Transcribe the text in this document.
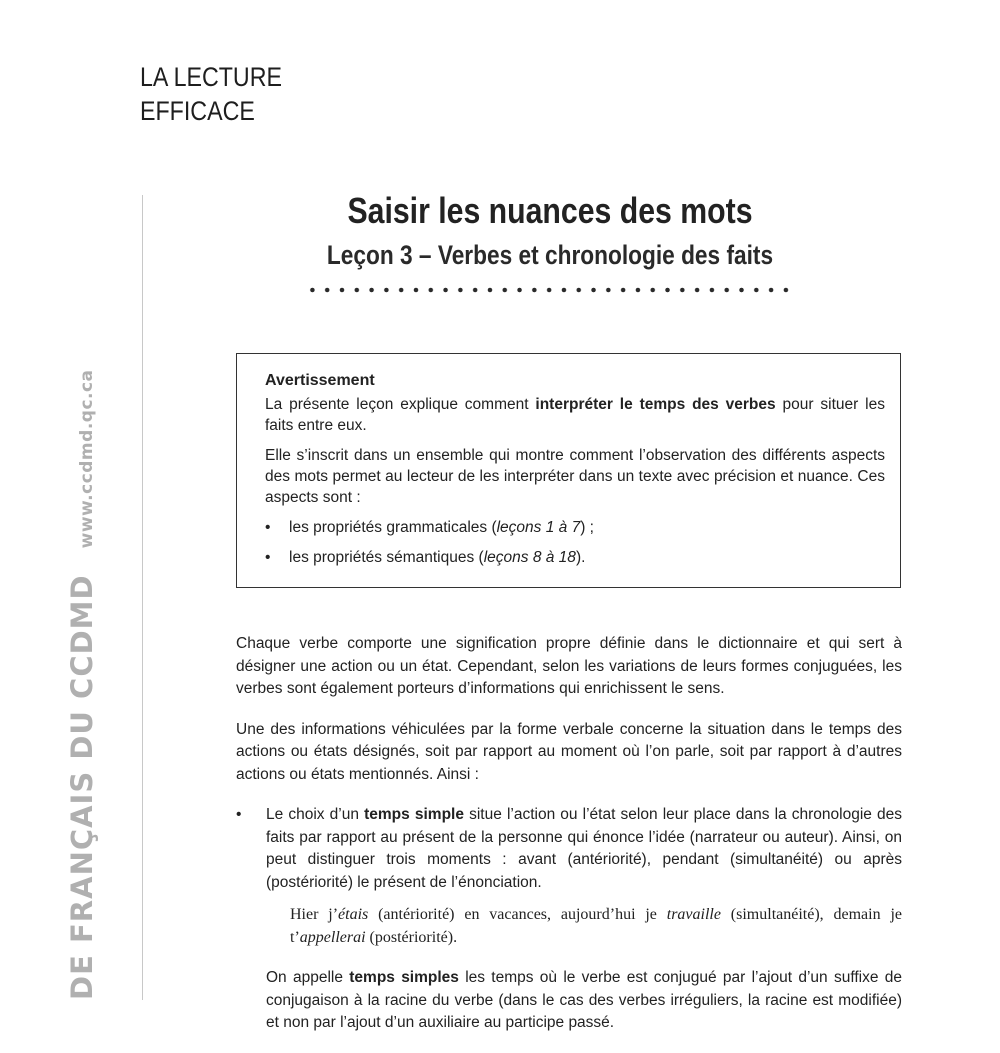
LA LECTURE
EFFICACE
DE FRANÇAIS DU CCDMDwww.ccdmd.qc.ca
Saisir les nuances des mots
Leçon 3 – Verbes et chronologie des faits
Avertissement
La présente leçon explique comment interpréter le temps des verbes pour situer les faits entre eux.
Elle s’inscrit dans un ensemble qui montre comment l’observation des différents aspects des mots permet au lecteur de les interpréter dans un texte avec précision et nuance. Ces aspects sont :
• les propriétés grammaticales (leçons 1 à 7) ;
• les propriétés sémantiques (leçons 8 à 18).
Chaque verbe comporte une signification propre définie dans le dictionnaire et qui sert à désigner une action ou un état. Cependant, selon les variations de leurs formes conjuguées, les verbes sont également porteurs d’informations qui enrichissent le sens.
Une des informations véhiculées par la forme verbale concerne la situation dans le temps des actions ou états désignés, soit par rapport au moment où l’on parle, soit par rapport à d’autres actions ou états mentionnés. Ainsi :
• Le choix d’un temps simple situe l’action ou l’état selon leur place dans la chronologie des faits par rapport au présent de la personne qui énonce l’idée (narrateur ou auteur). Ainsi, on peut distinguer trois moments : avant (antériorité), pendant (simultanéité) ou après (postériorité) le présent de l’énonciation.
Hier j’étais (antériorité) en vacances, aujourd’hui je travaille (simultanéité), demain je t’appellerai (postériorité).
On appelle temps simples les temps où le verbe est conjugué par l’ajout d’un suffixe de conjugaison à la racine du verbe (dans le cas des verbes irréguliers, la racine est modifiée) et non par l’ajout d’un auxiliaire au participe passé.
